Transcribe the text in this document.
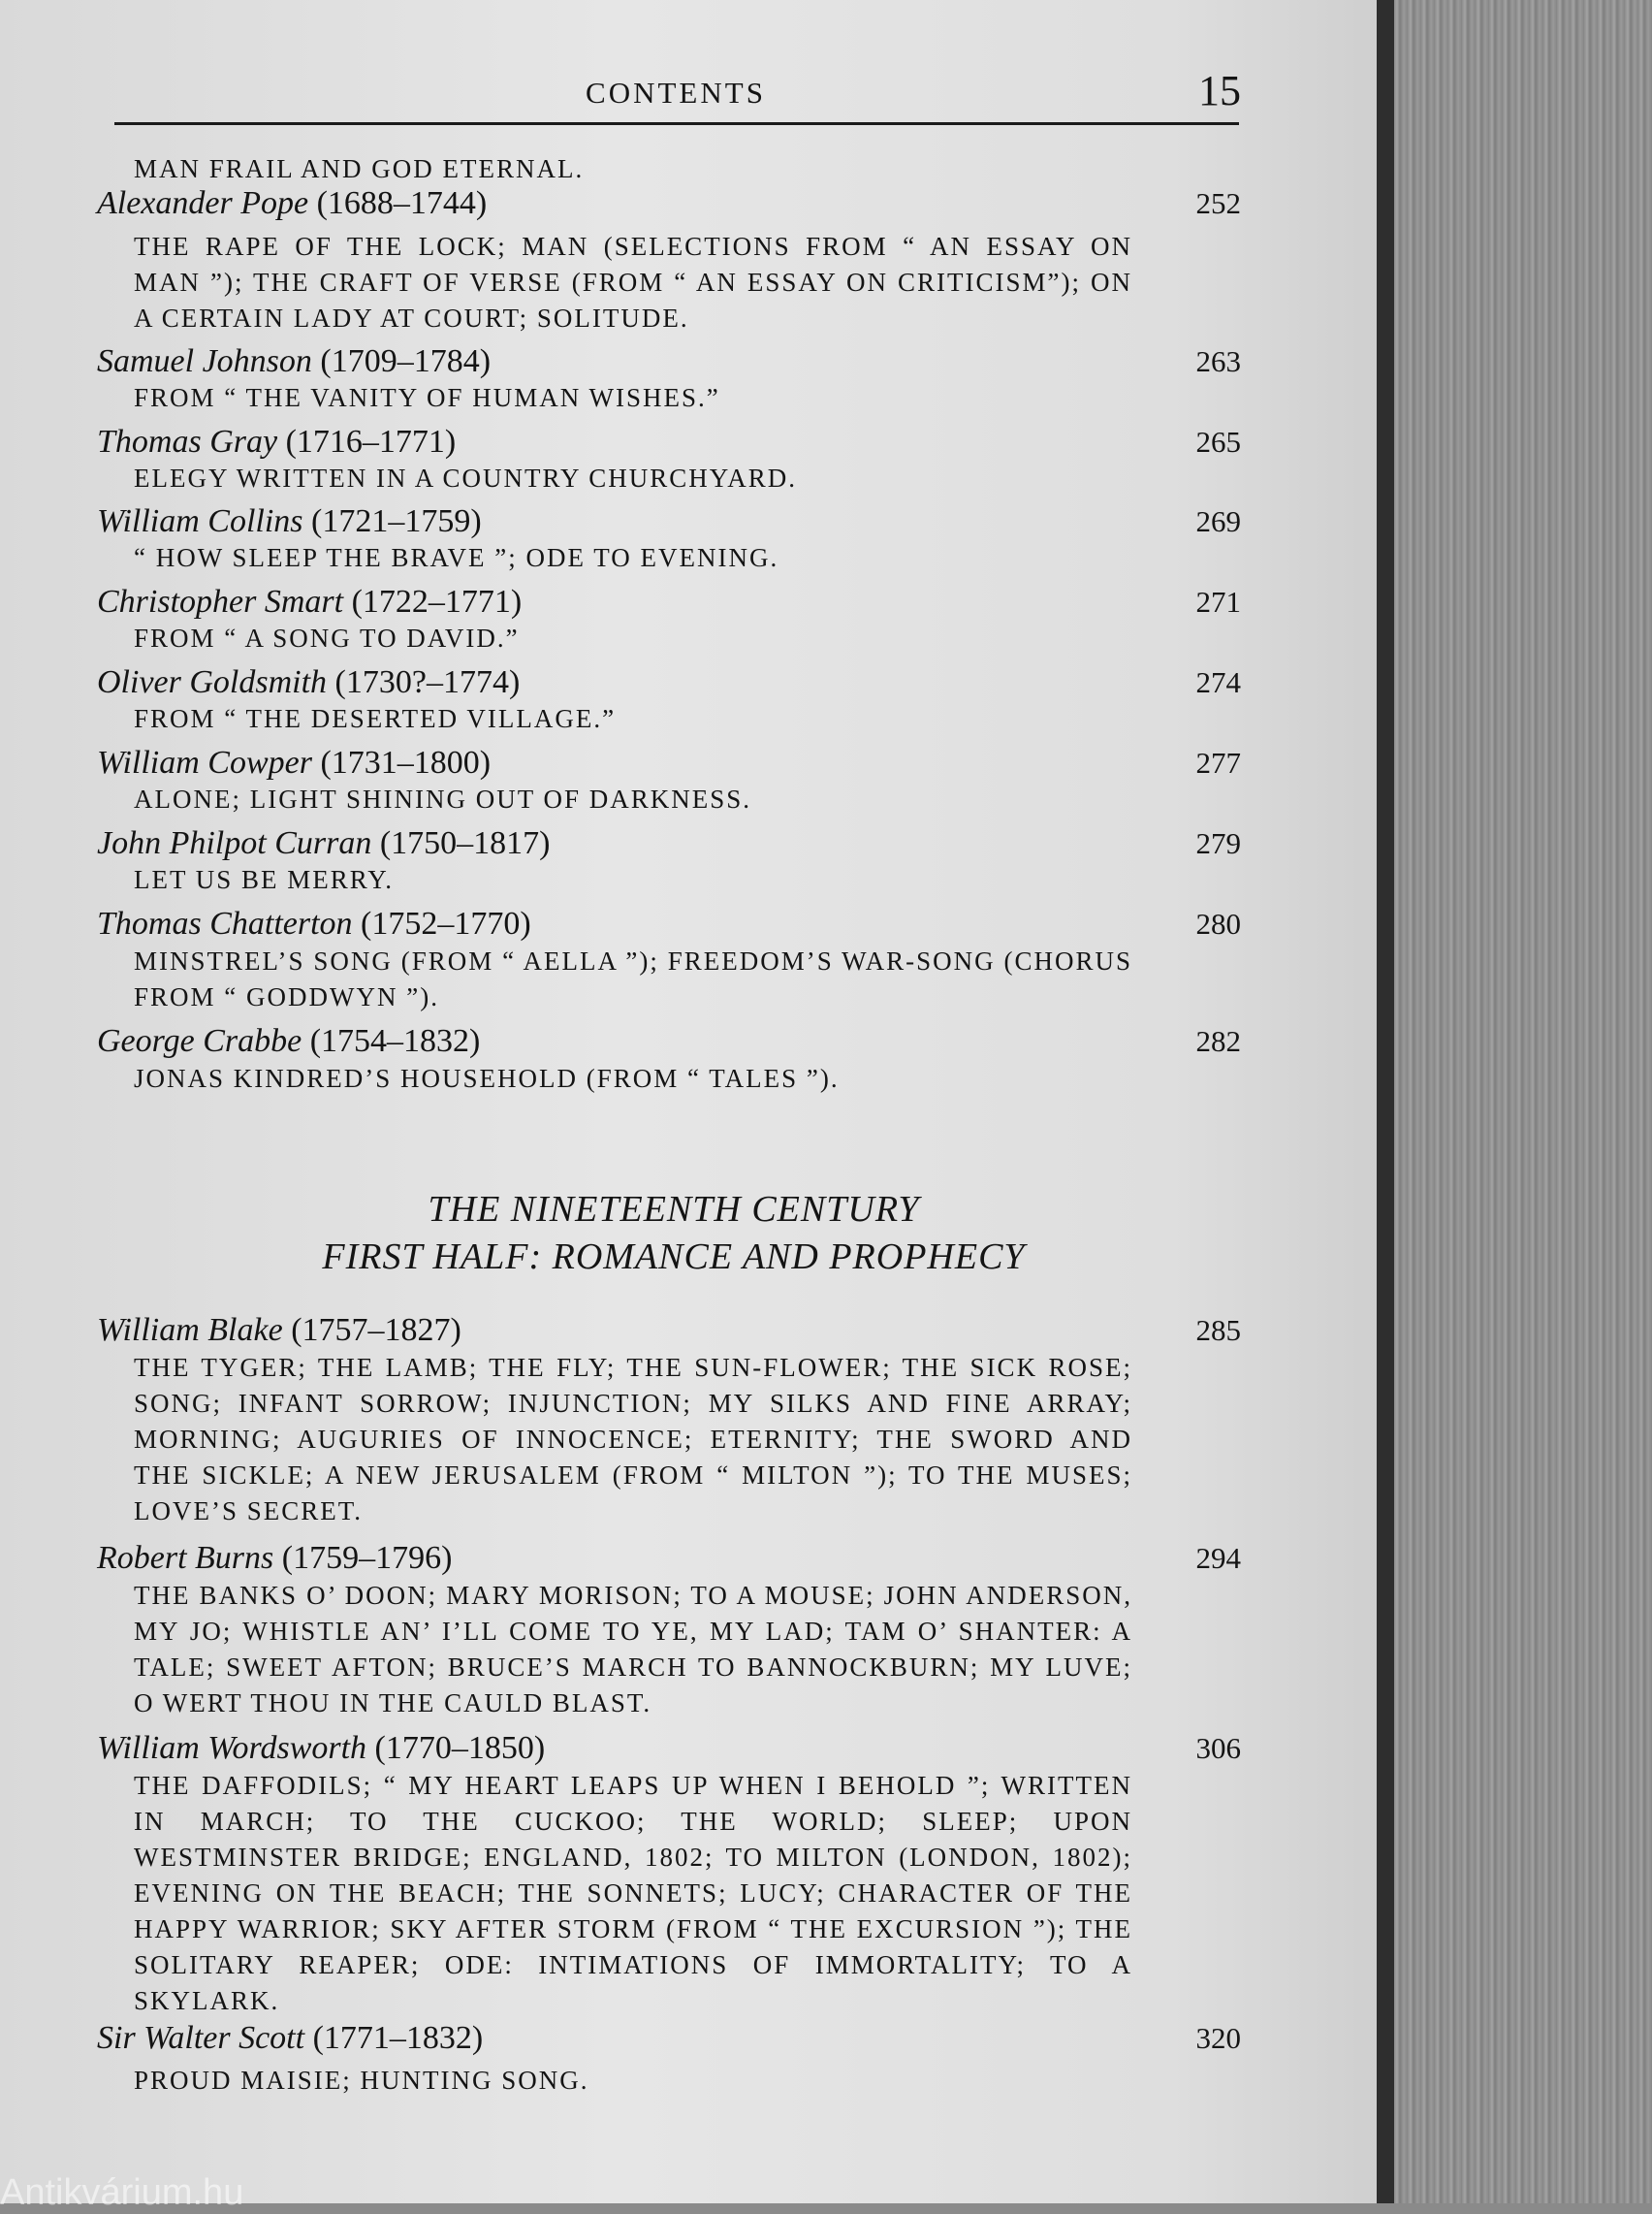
CONTENTS	15
MAN FRAIL AND GOD ETERNAL.
Alexander Pope (1688–1744)	252
THE RAPE OF THE LOCK; MAN (SELECTIONS FROM “ AN ESSAY ON MAN ”); THE CRAFT OF VERSE (FROM “ AN ESSAY ON CRITICISM”); ON A CERTAIN LADY AT COURT; SOLITUDE.
Samuel Johnson (1709–1784)	263
FROM “ THE VANITY OF HUMAN WISHES.”
Thomas Gray (1716–1771)	265
ELEGY WRITTEN IN A COUNTRY CHURCHYARD.
William Collins (1721–1759)	269
“ HOW SLEEP THE BRAVE ”; ODE TO EVENING.
Christopher Smart (1722–1771)	271
FROM “ A SONG TO DAVID.”
Oliver Goldsmith (1730?–1774)	274
FROM “ THE DESERTED VILLAGE.”
William Cowper (1731–1800)	277
ALONE; LIGHT SHINING OUT OF DARKNESS.
John Philpot Curran (1750–1817)	279
LET US BE MERRY.
Thomas Chatterton (1752–1770)	280
MINSTREL’S SONG (FROM “ AELLA ”); FREEDOM’S WAR-SONG (CHORUS FROM “ GODDWYN ”).
George Crabbe (1754–1832)	282
JONAS KINDRED’S HOUSEHOLD (FROM “ TALES ”).
THE NINETEENTH CENTURY
FIRST HALF: ROMANCE AND PROPHECY
William Blake (1757–1827)	285
THE TYGER; THE LAMB; THE FLY; THE SUN-FLOWER; THE SICK ROSE; SONG; INFANT SORROW; INJUNCTION; MY SILKS AND FINE ARRAY; MORNING; AUGURIES OF INNOCENCE; ETERNITY; THE SWORD AND THE SICKLE; A NEW JERUSALEM (FROM “ MILTON ”); TO THE MUSES; LOVE’S SECRET.
Robert Burns (1759–1796)	294
THE BANKS O’ DOON; MARY MORISON; TO A MOUSE; JOHN ANDERSON, MY JO; WHISTLE AN’ I’LL COME TO YE, MY LAD; TAM O’ SHANTER: A TALE; SWEET AFTON; BRUCE’S MARCH TO BANNOCKBURN; MY LUVE; O WERT THOU IN THE CAULD BLAST.
William Wordsworth (1770–1850)	306
THE DAFFODILS; “ MY HEART LEAPS UP WHEN I BEHOLD ”; WRITTEN IN MARCH; TO THE CUCKOO; THE WORLD; SLEEP; UPON WESTMINSTER BRIDGE; ENGLAND, 1802; TO MILTON (LONDON, 1802); EVENING ON THE BEACH; THE SONNETS; LUCY; CHARACTER OF THE HAPPY WARRIOR; SKY AFTER STORM (FROM “ THE EXCURSION ”); THE SOLITARY REAPER; ODE: INTIMATIONS OF IMMORTALITY; TO A SKYLARK.
Sir Walter Scott (1771–1832)	320
PROUD MAISIE; HUNTING SONG.
Antikvárium.hu
